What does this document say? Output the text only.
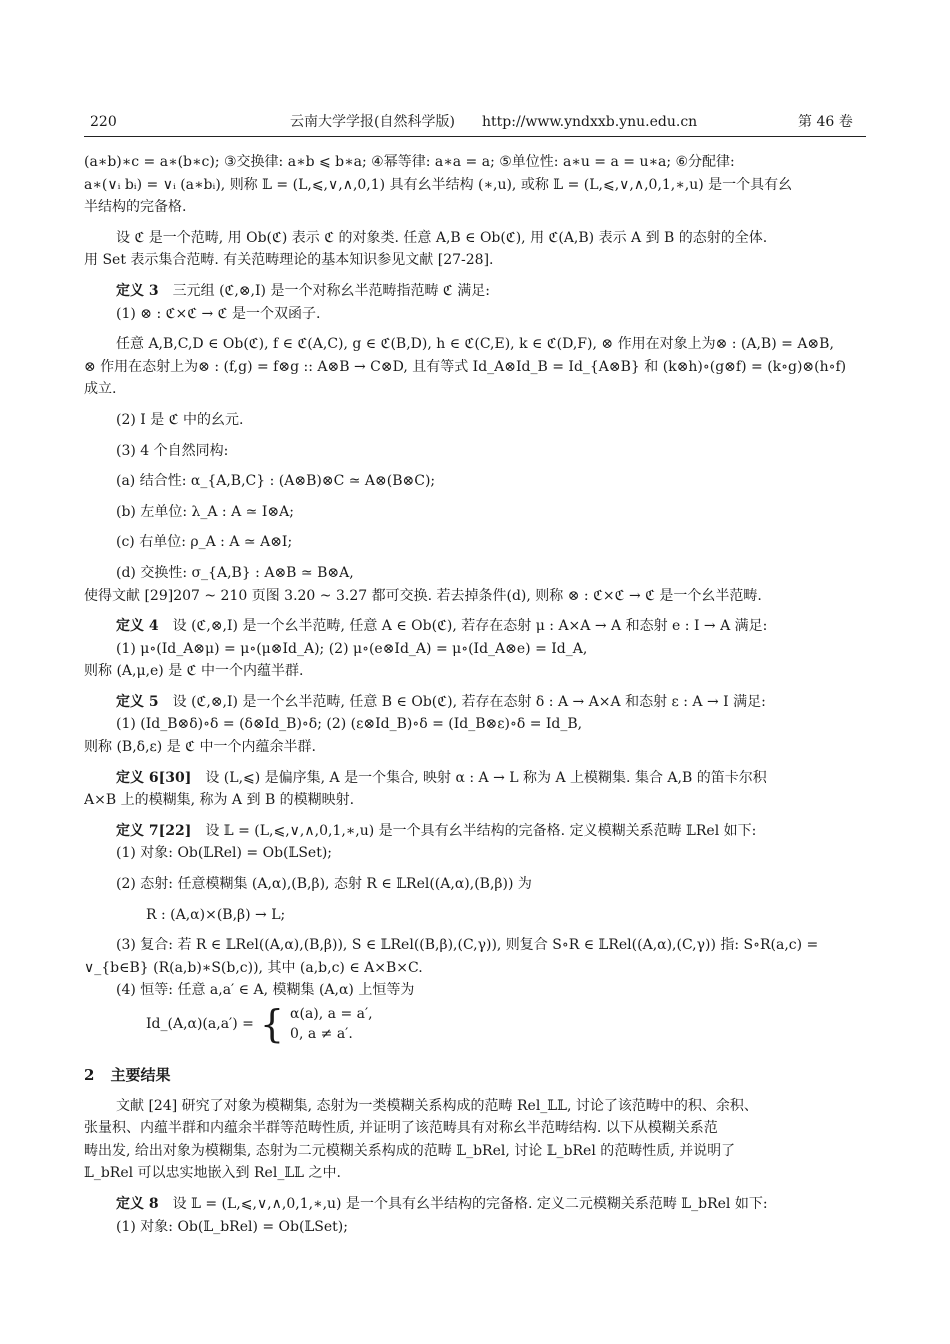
220	云南大学学报(自然科学版) http://www.yndxxb.ynu.edu.cn	第 46 卷
(a∗b)∗c = a∗(b∗c); ③交换律: a∗b ⩽ b∗a; ④幂等律: a∗a = a; ⑤单位性: a∗u = a = u∗a; ⑥分配律:
a∗(∨ᵢ bᵢ) = ∨ᵢ (a∗bᵢ), 则称 𝕃 = (L,⩽,∨,∧,0,1) 具有幺半结构 (∗,u), 或称 𝕃 = (L,⩽,∨,∧,0,1,∗,u) 是一个具有幺
半结构的完备格.
设 ℭ 是一个范畴, 用 Ob(ℭ) 表示 ℭ 的对象类. 任意 A,B ∈ Ob(ℭ), 用 ℭ(A,B) 表示 A 到 B 的态射的全体.
用 Set 表示集合范畴. 有关范畴理论的基本知识参见文献 [27-28].
定义 3 三元组 (ℭ,⊗,I) 是一个对称幺半范畴指范畴 ℭ 满足:
(1) ⊗ : ℭ×ℭ → ℭ 是一个双函子.
任意 A,B,C,D ∈ Ob(ℭ), f ∈ ℭ(A,C), g ∈ ℭ(B,D), h ∈ ℭ(C,E), k ∈ ℭ(D,F), ⊗ 作用在对象上为⊗ : (A,B) = A⊗B,
⊗ 作用在态射上为⊗ : (f,g) = f⊗g :: A⊗B → C⊗D, 且有等式 Id_A⊗Id_B = Id_{A⊗B} 和 (k⊗h)∘(g⊗f) = (k∘g)⊗(h∘f)
成立.
(2) I 是 ℭ 中的幺元.
(3) 4 个自然同构:
(a) 结合性: α_{A,B,C} : (A⊗B)⊗C ≃ A⊗(B⊗C);
(b) 左单位: λ_A : A ≃ I⊗A;
(c) 右单位: ρ_A : A ≃ A⊗I;
(d) 交换性: σ_{A,B} : A⊗B ≃ B⊗A,
使得文献 [29]207 ~ 210 页图 3.20 ~ 3.27 都可交换. 若去掉条件(d), 则称 ⊗ : ℭ×ℭ → ℭ 是一个幺半范畴.
定义 4 设 (ℭ,⊗,I) 是一个幺半范畴, 任意 A ∈ Ob(ℭ), 若存在态射 μ : A×A → A 和态射 e : I → A 满足:
(1) μ∘(Id_A⊗μ) = μ∘(μ⊗Id_A); (2) μ∘(e⊗Id_A) = μ∘(Id_A⊗e) = Id_A,
则称 (A,μ,e) 是 ℭ 中一个内蕴半群.
定义 5 设 (ℭ,⊗,I) 是一个幺半范畴, 任意 B ∈ Ob(ℭ), 若存在态射 δ : A → A×A 和态射 ε : A → I 满足:
(1) (Id_B⊗δ)∘δ = (δ⊗Id_B)∘δ; (2) (ε⊗Id_B)∘δ = (Id_B⊗ε)∘δ = Id_B,
则称 (B,δ,ε) 是 ℭ 中一个内蕴余半群.
定义 6[30] 设 (L,⩽) 是偏序集, A 是一个集合, 映射 α : A → L 称为 A 上模糊集. 集合 A,B 的笛卡尔积
A×B 上的模糊集, 称为 A 到 B 的模糊映射.
定义 7[22] 设 𝕃 = (L,⩽,∨,∧,0,1,∗,u) 是一个具有幺半结构的完备格. 定义模糊关系范畴 𝕃Rel 如下:
(1) 对象: Ob(𝕃Rel) = Ob(𝕃Set);
(2) 态射: 任意模糊集 (A,α),(B,β), 态射 R ∈ 𝕃Rel((A,α),(B,β)) 为
R : (A,α)×(B,β) → L;
(3) 复合: 若 R ∈ 𝕃Rel((A,α),(B,β)), S ∈ 𝕃Rel((B,β),(C,γ)), 则复合 S∘R ∈ 𝕃Rel((A,α),(C,γ)) 指: S∘R(a,c) =
∨_{b∈B} (R(a,b)∗S(b,c)), 其中 (a,b,c) ∈ A×B×C.
(4) 恒等: 任意 a,a′ ∈ A, 模糊集 (A,α) 上恒等为
Id_(A,α)(a,a′) = { α(a), a = a′,
0, a ≠ a′.
2 主要结果
文献 [24] 研究了对象为模糊集, 态射为一类模糊关系构成的范畴 Rel_𝕃𝕃, 讨论了该范畴中的积、余积、
张量积、内蕴半群和内蕴余半群等范畴性质, 并证明了该范畴具有对称幺半范畴结构. 以下从模糊关系范
畴出发, 给出对象为模糊集, 态射为二元模糊关系构成的范畴 𝕃_bRel, 讨论 𝕃_bRel 的范畴性质, 并说明了
𝕃_bRel 可以忠实地嵌入到 Rel_𝕃𝕃 之中.
定义 8 设 𝕃 = (L,⩽,∨,∧,0,1,∗,u) 是一个具有幺半结构的完备格. 定义二元模糊关系范畴 𝕃_bRel 如下:
(1) 对象: Ob(𝕃_bRel) = Ob(𝕃Set);
